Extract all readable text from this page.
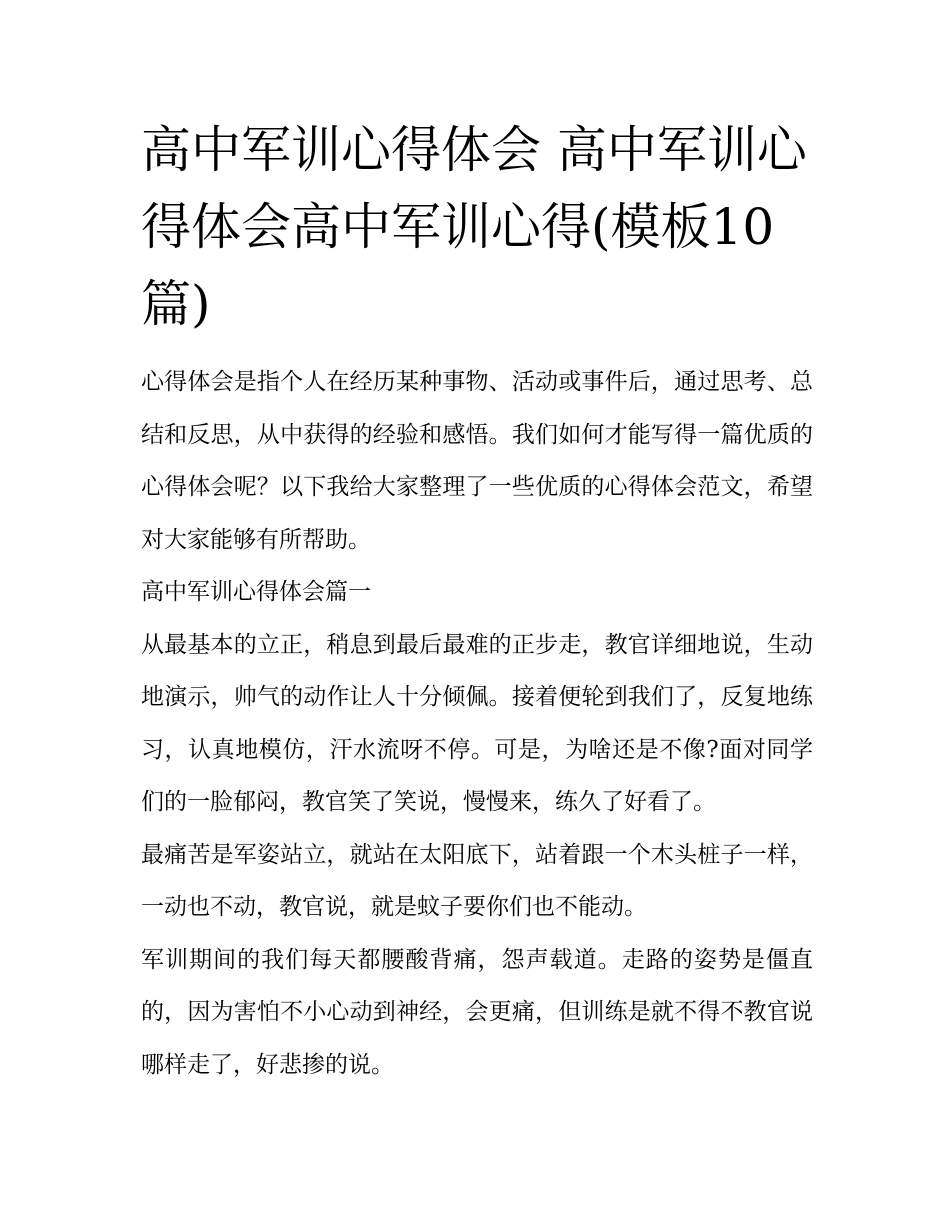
高中军训心得体会 高中军训心得体会高中军训心得(模板10篇)

心得体会是指个人在经历某种事物、活动或事件后，通过思考、总结和反思，从中获得的经验和感悟。我们如何才能写得一篇优质的心得体会呢？以下我给大家整理了一些优质的心得体会范文，希望对大家能够有所帮助。

高中军训心得体会篇一

从最基本的立正，稍息到最后最难的正步走，教官详细地说，生动地演示，帅气的动作让人十分倾佩。接着便轮到我们了，反复地练习，认真地模仿，汗水流呀不停。可是，为啥还是不像?面对同学们的一脸郁闷，教官笑了笑说，慢慢来，练久了好看了。

最痛苦是军姿站立，就站在太阳底下，站着跟一个木头桩子一样，一动也不动，教官说，就是蚊子要你们也不能动。

军训期间的我们每天都腰酸背痛，怨声载道。走路的姿势是僵直的，因为害怕不小心动到神经，会更痛，但训练是就不得不教官说哪样走了，好悲掺的说。
